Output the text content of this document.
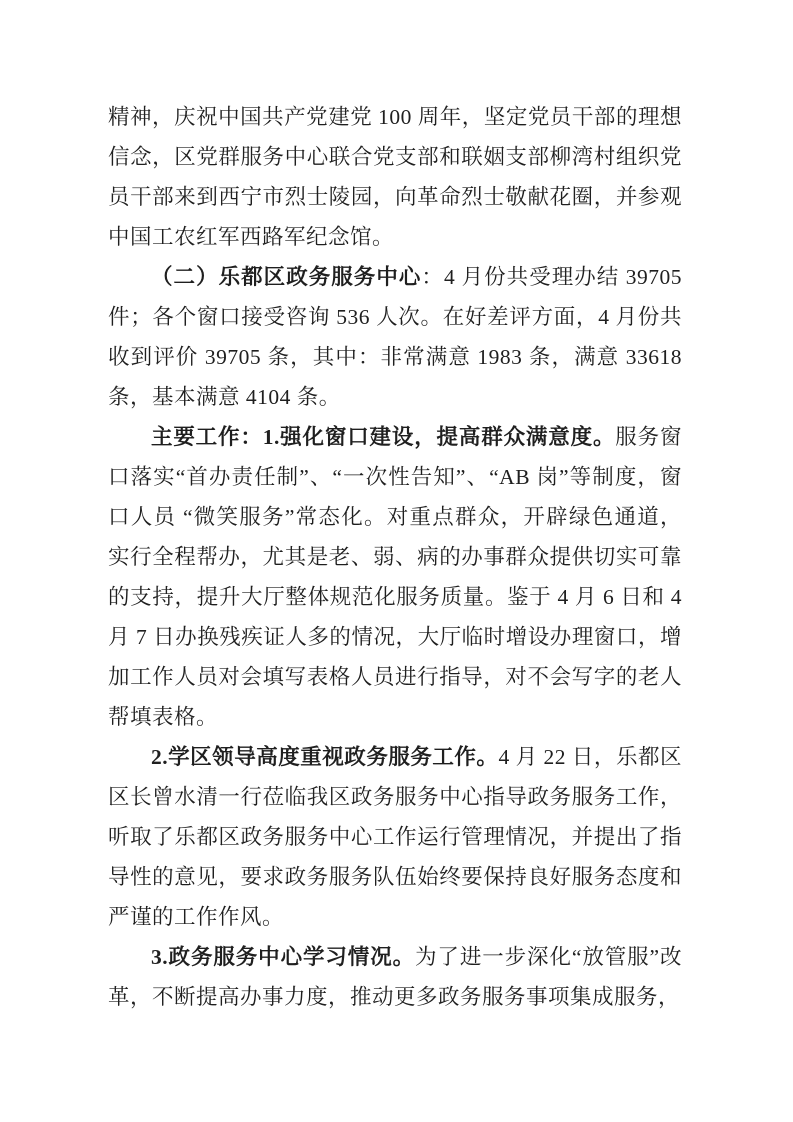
精神，庆祝中国共产党建党 100 周年，坚定党员干部的理想信念，区党群服务中心联合党支部和联姻支部柳湾村组织党员干部来到西宁市烈士陵园，向革命烈士敬献花圈，并参观中国工农红军西路军纪念馆。

（二）乐都区政务服务中心：4 月份共受理办结 39705 件；各个窗口接受咨询 536 人次。在好差评方面，4 月份共收到评价 39705 条，其中：非常满意 1983 条，满意 33618 条，基本满意 4104 条。

主要工作：1.强化窗口建设，提高群众满意度。服务窗口落实“首办责任制”、“一次性告知”、“AB 岗”等制度，窗口人员 “微笑服务”常态化。对重点群众，开辟绿色通道，实行全程帮办，尤其是老、弱、病的办事群众提供切实可靠的支持，提升大厅整体规范化服务质量。鉴于 4 月 6 日和 4 月 7 日办换残疾证人多的情况，大厅临时增设办理窗口，增加工作人员对会填写表格人员进行指导，对不会写字的老人帮填表格。

2.学区领导高度重视政务服务工作。4 月 22 日，乐都区区长曾水清一行莅临我区政务服务中心指导政务服务工作，听取了乐都区政务服务中心工作运行管理情况，并提出了指导性的意见，要求政务服务队伍始终要保持良好服务态度和严谨的工作作风。

3.政务服务中心学习情况。为了进一步深化“放管服”改革，不断提高办事力度，推动更多政务服务事项集成服务，
